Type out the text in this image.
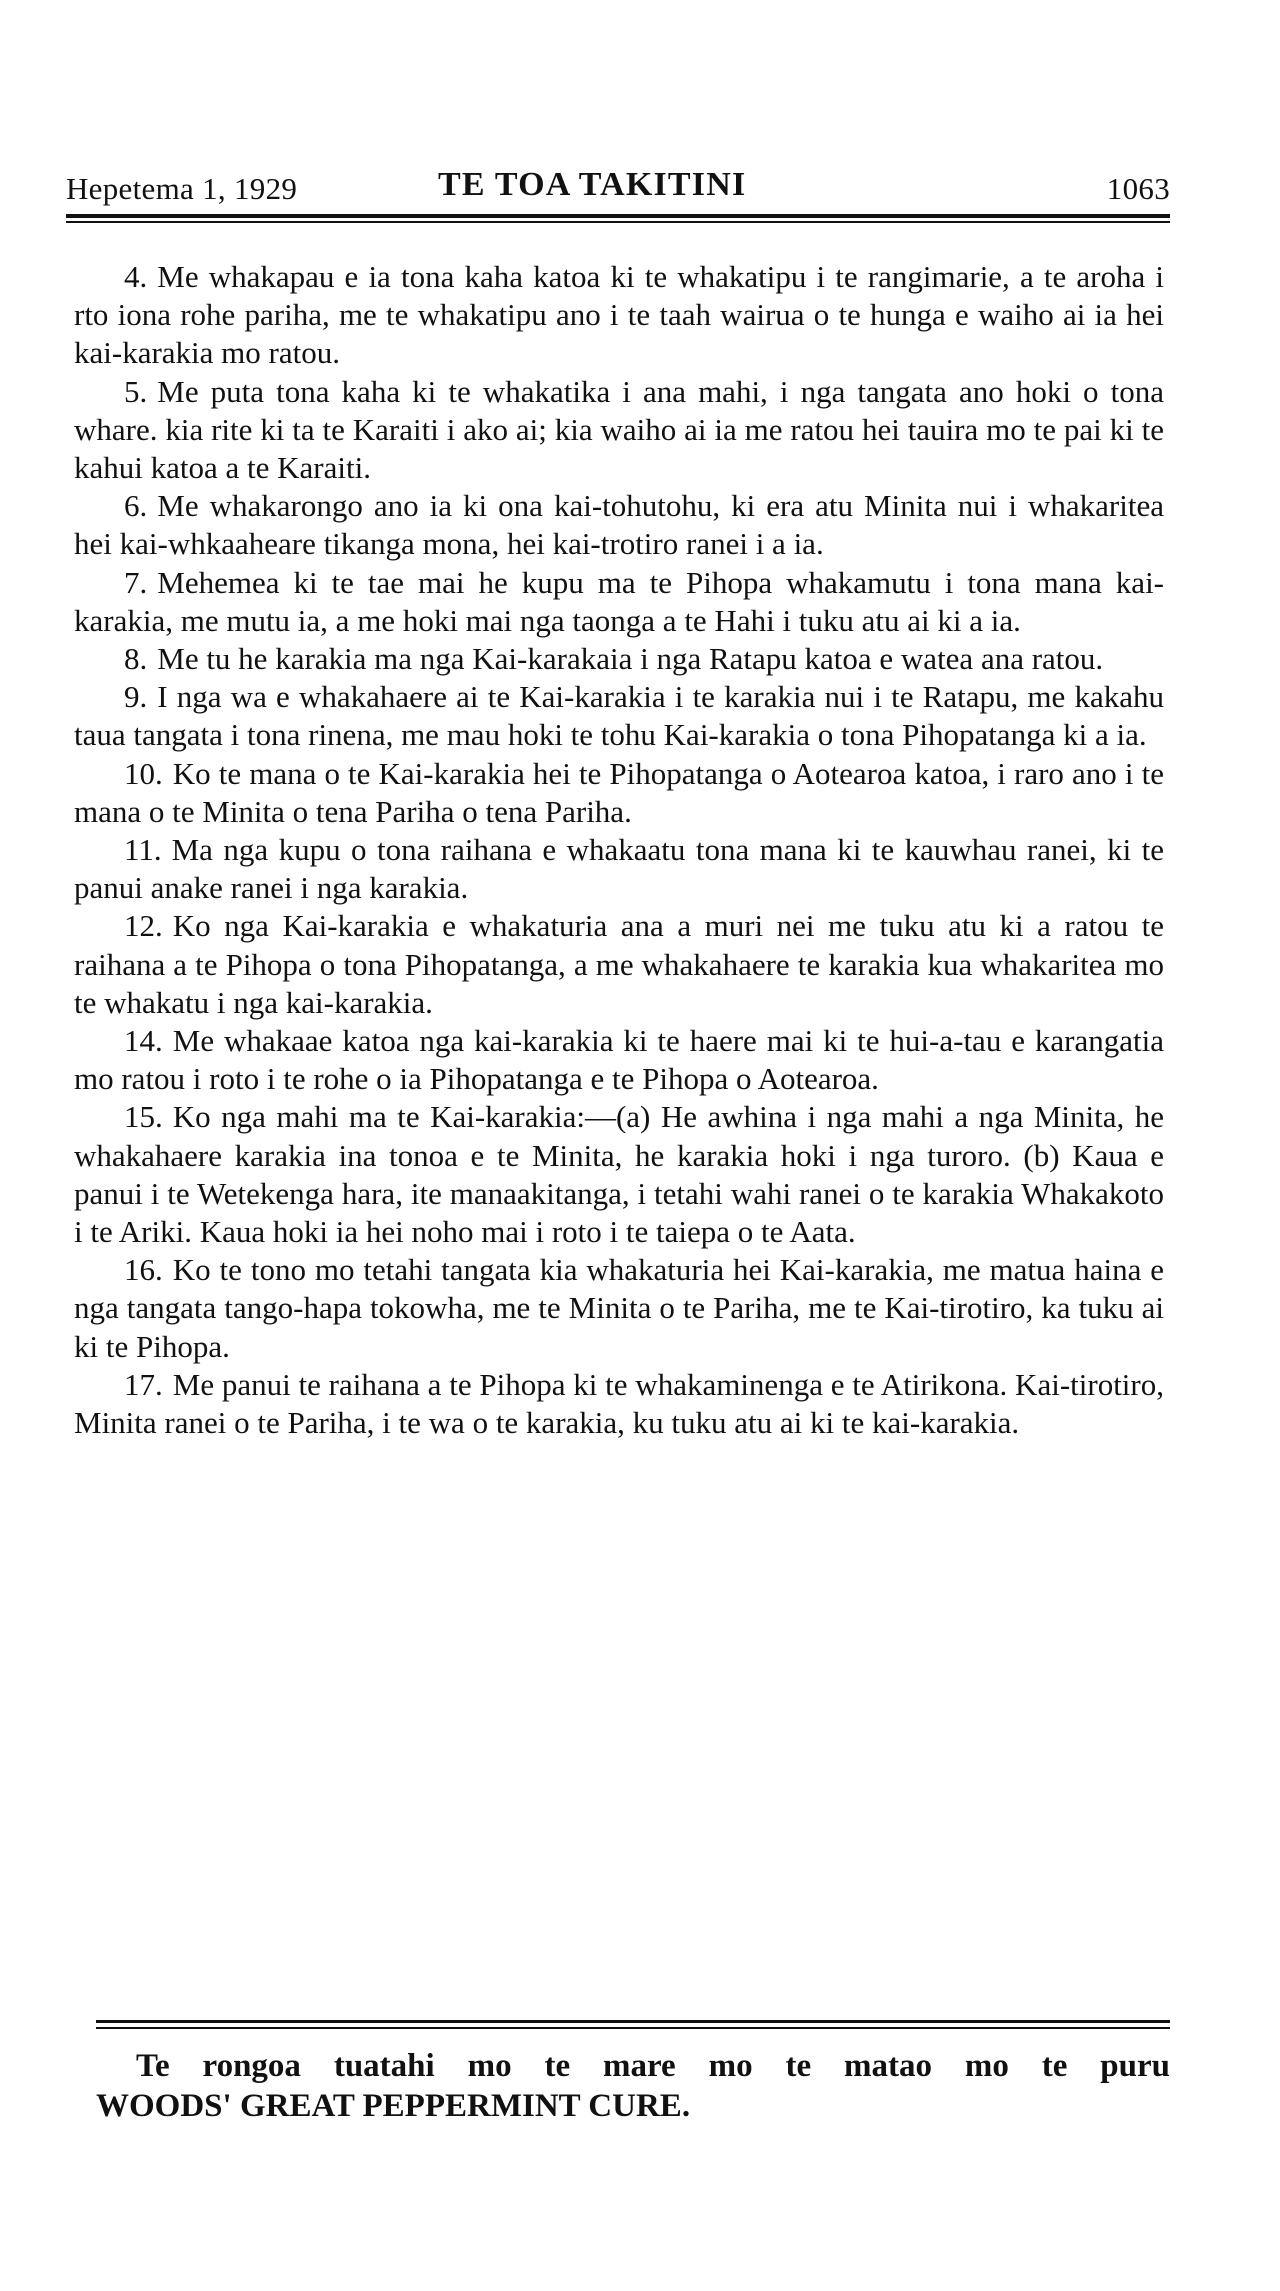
Hepetema 1, 1929	TE TOA TAKITINI	1063

4. Me whakapau e ia tona kaha katoa ki te whakatipu i te rangimarie, a te aroha i rto iona rohe pariha, me te whakatipu ano i te taah wairua o te hunga e waiho ai ia hei kai-karakia mo ratou.

5. Me puta tona kaha ki te whakatika i ana mahi, i nga tangata ano hoki o tona whare. kia rite ki ta te Karaiti i ako ai; kia waiho ai ia me ratou hei tauira mo te pai ki te kahui katoa a te Karaiti.

6. Me whakarongo ano ia ki ona kai-tohutohu, ki era atu Minita nui i whakaritea hei kai-whkaaheare tikanga mona, hei kai-trotiro ranei i a ia.

7. Mehemea ki te tae mai he kupu ma te Pihopa whakamutu i tona mana kai-karakia, me mutu ia, a me hoki mai nga taonga a te Hahi i tuku atu ai ki a ia.

8. Me tu he karakia ma nga Kai-karakaia i nga Ratapu katoa e watea ana ratou.

9. I nga wa e whakahaere ai te Kai-karakia i te karakia nui i te Ratapu, me kakahu taua tangata i tona rinena, me mau hoki te tohu Kai-karakia o tona Pihopatanga ki a ia.

10. Ko te mana o te Kai-karakia hei te Pihopatanga o Aotearoa katoa, i raro ano i te mana o te Minita o tena Pariha o tena Pariha.

11. Ma nga kupu o tona raihana e whakaatu tona mana ki te kauwhau ranei, ki te panui anake ranei i nga karakia.

12. Ko nga Kai-karakia e whakaturia ana a muri nei me tuku atu ki a ratou te raihana a te Pihopa o tona Pihopatanga, a me whakahaere te karakia kua whakaritea mo te whakatu i nga kai-karakia.

14. Me whakaae katoa nga kai-karakia ki te haere mai ki te hui-a-tau e karangatia mo ratou i roto i te rohe o ia Pihopatanga e te Pihopa o Aotearoa.

15. Ko nga mahi ma te Kai-karakia:—(a) He awhina i nga mahi a nga Minita, he whakahaere karakia ina tonoa e te Minita, he karakia hoki i nga turoro. (b) Kaua e panui i te Wetekenga hara, ite manaakitanga, i tetahi wahi ranei o te karakia Whakakoto i te Ariki. Kaua hoki ia hei noho mai i roto i te taiepa o te Aata.

16. Ko te tono mo tetahi tangata kia whakaturia hei Kai-karakia, me matua haina e nga tangata tango-hapa tokowha, me te Minita o te Pariha, me te Kai-tirotiro, ka tuku ai ki te Pihopa.

17. Me panui te raihana a te Pihopa ki te whakaminenga e te Atirikona. Kai-tirotiro, Minita ranei o te Pariha, i te wa o te karakia, ku tuku atu ai ki te kai-karakia.

Te rongoa tuatahi mo te mare mo te matao mo te puru
WOODS' GREAT PEPPERMINT CURE.
